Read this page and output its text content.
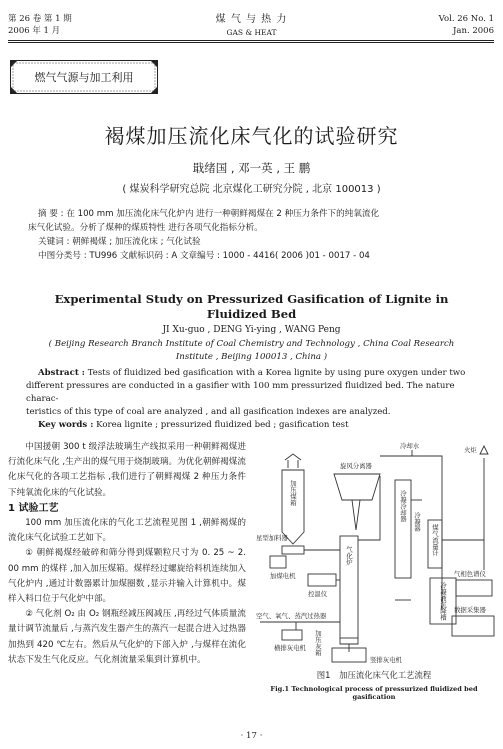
第 26 卷 第 1 期
2006 年 1 月
煤 气 与 热 力
GAS & HEAT
Vol. 26 No. 1
Jan. 2006
燃气气源与加工利用
褐煤加压流化床气化的试验研究
戢绪国 , 邓一英 , 王 鹏
( 煤炭科学研究总院 北京煤化工研究分院 , 北京 100013 )
摘 要 : 在 100 mm 加压流化床气化炉内 进行一种朝鲜褐煤在 2 种压力条件下的纯氧流化
床气化试验。分析了煤种的煤质特性 进行各项气化指标分析。
关键词 : 朝鲜褐煤 ; 加压流化床 ; 气化试验
中图分类号 : TU996 文献标识码 : A 文章编号 : 1000 - 4416( 2006 )01 - 0017 - 04
Experimental Study on Pressurized Gasification of Lignite in
Fluidized Bed
JI Xu-guo , DENG Yi-ying , WANG Peng
( Beijing Research Branch Institute of Coal Chemistry and Technology , China Coal Research
Institute , Beijing 100013 , China )
Abstract : Tests of fluidized bed gasification with a Korea lignite by using pure oxygen under two
different pressures are conducted in a gasifier with 100 mm pressurized fluidized bed. The nature charac-
teristics of this type of coal are analyzed , and all gasification indexes are analyzed.
Key words : Korea lignite ; pressurized fluidized bed ; gasification test

中国援朝 300 t 级浮法玻璃生产线拟采用一种朝鲜褐煤进行流化床气化 ,生产出的煤气用于烧制玻璃。为优化朝鲜褐煤流化床气化的各项工艺指标 ,我们进行了朝鲜褐煤 2 种压力条件下纯氧流化床的气化试验。

1 试验工艺

100 mm 加压流化床的气化工艺流程见图 1 ,朝鲜褐煤的流化床气化试验工艺如下。

① 朝鲜褐煤经破碎和筛分得到煤颗粒尺寸为 0. 25 ~ 2. 00 mm 的煤样 ,加入加压煤箱。煤样经过螺旋给料机连续加入气化炉内 ,通过计数器累计加煤圈数 ,显示并输入计算机中。煤样入料口位于气化炉中部。

② 气化剂 O₂ 由 O₂ 钢瓶经减压阀减压 ,再经过气体质量流量计调节流量后 ,与蒸汽发生器产生的蒸汽一起混合进入过热器加热到 420 ℃左右。然后从气化炉的下部入炉 ,与煤样在流化状态下发生气化反应。气化剂流量采集到计算机中。

冷却水	火炬
旋风分离器
星型加料器
加煤电机
控温仪
气相色谱仪
数据采集器
空气、氧气、蒸汽过热器
横排灰电机
加压煤箱
气化炉
冷凝冷却器 冷凝器
煤气流量计
冷凝液沉降槽
加压灰箱
竖排灰电机
图1 加压流化床气化工艺流程
Fig.1 Technological process of pressurized fluidized bed gasification
· 17 ·
